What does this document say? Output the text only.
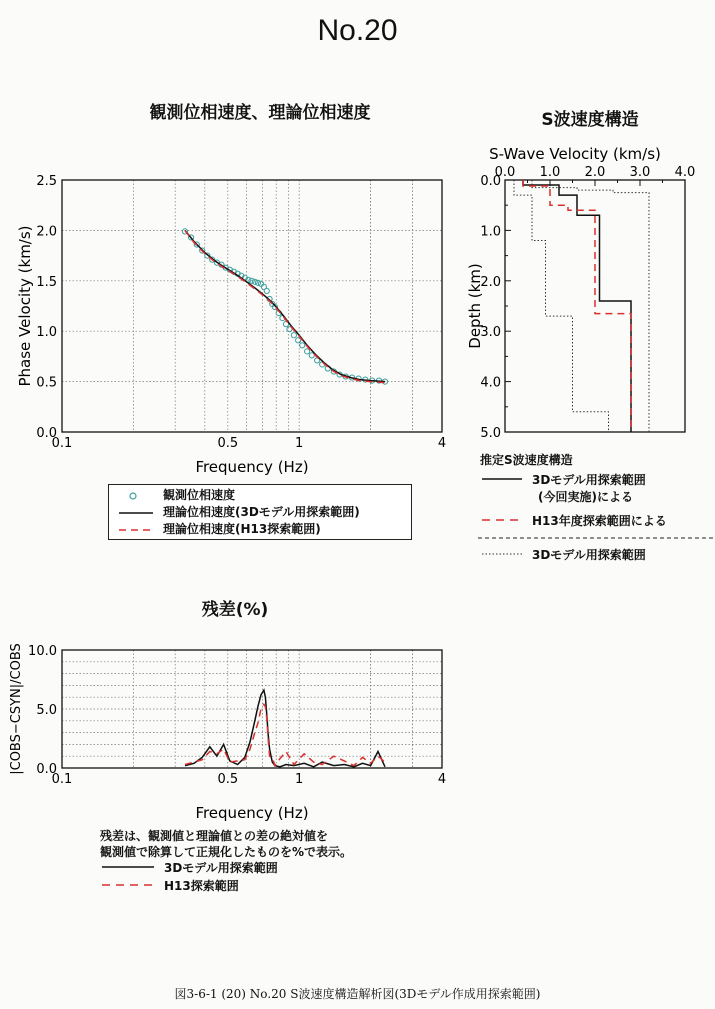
No.20
観測位相速度、理論位相速度
0.1	0.5	1	4
0.0
0.5
1.0
1.5
2.0
2.5
Frequency (Hz)
Phase Velocity (km/s)
観測位相速度
理論位相速度(3Dモデル用探索範囲)
理論位相速度(H13探索範囲)
S波速度構造
0.0 1.0 2.0 3.0 4.0
0.0
1.0
2.0
3.0
4.0
5.0
S-Wave Velocity (km/s)
Depth (km)
推定S波速度構造
3Dモデル用探索範囲
(今回実施)による
H13年度探索範囲による
3Dモデル用探索範囲
残差(%)
0.1	0.5	1	4
0.0
5.0
10.0
Frequency (Hz)
|COBS−CSYN|/COBS
残差は、観測値と理論値との差の絶対値を
観測値で除算して正規化したものを%で表示。
3Dモデル用探索範囲
H13探索範囲
図3-6-1 (20) No.20 S波速度構造解析図(3Dモデル作成用探索範囲)
